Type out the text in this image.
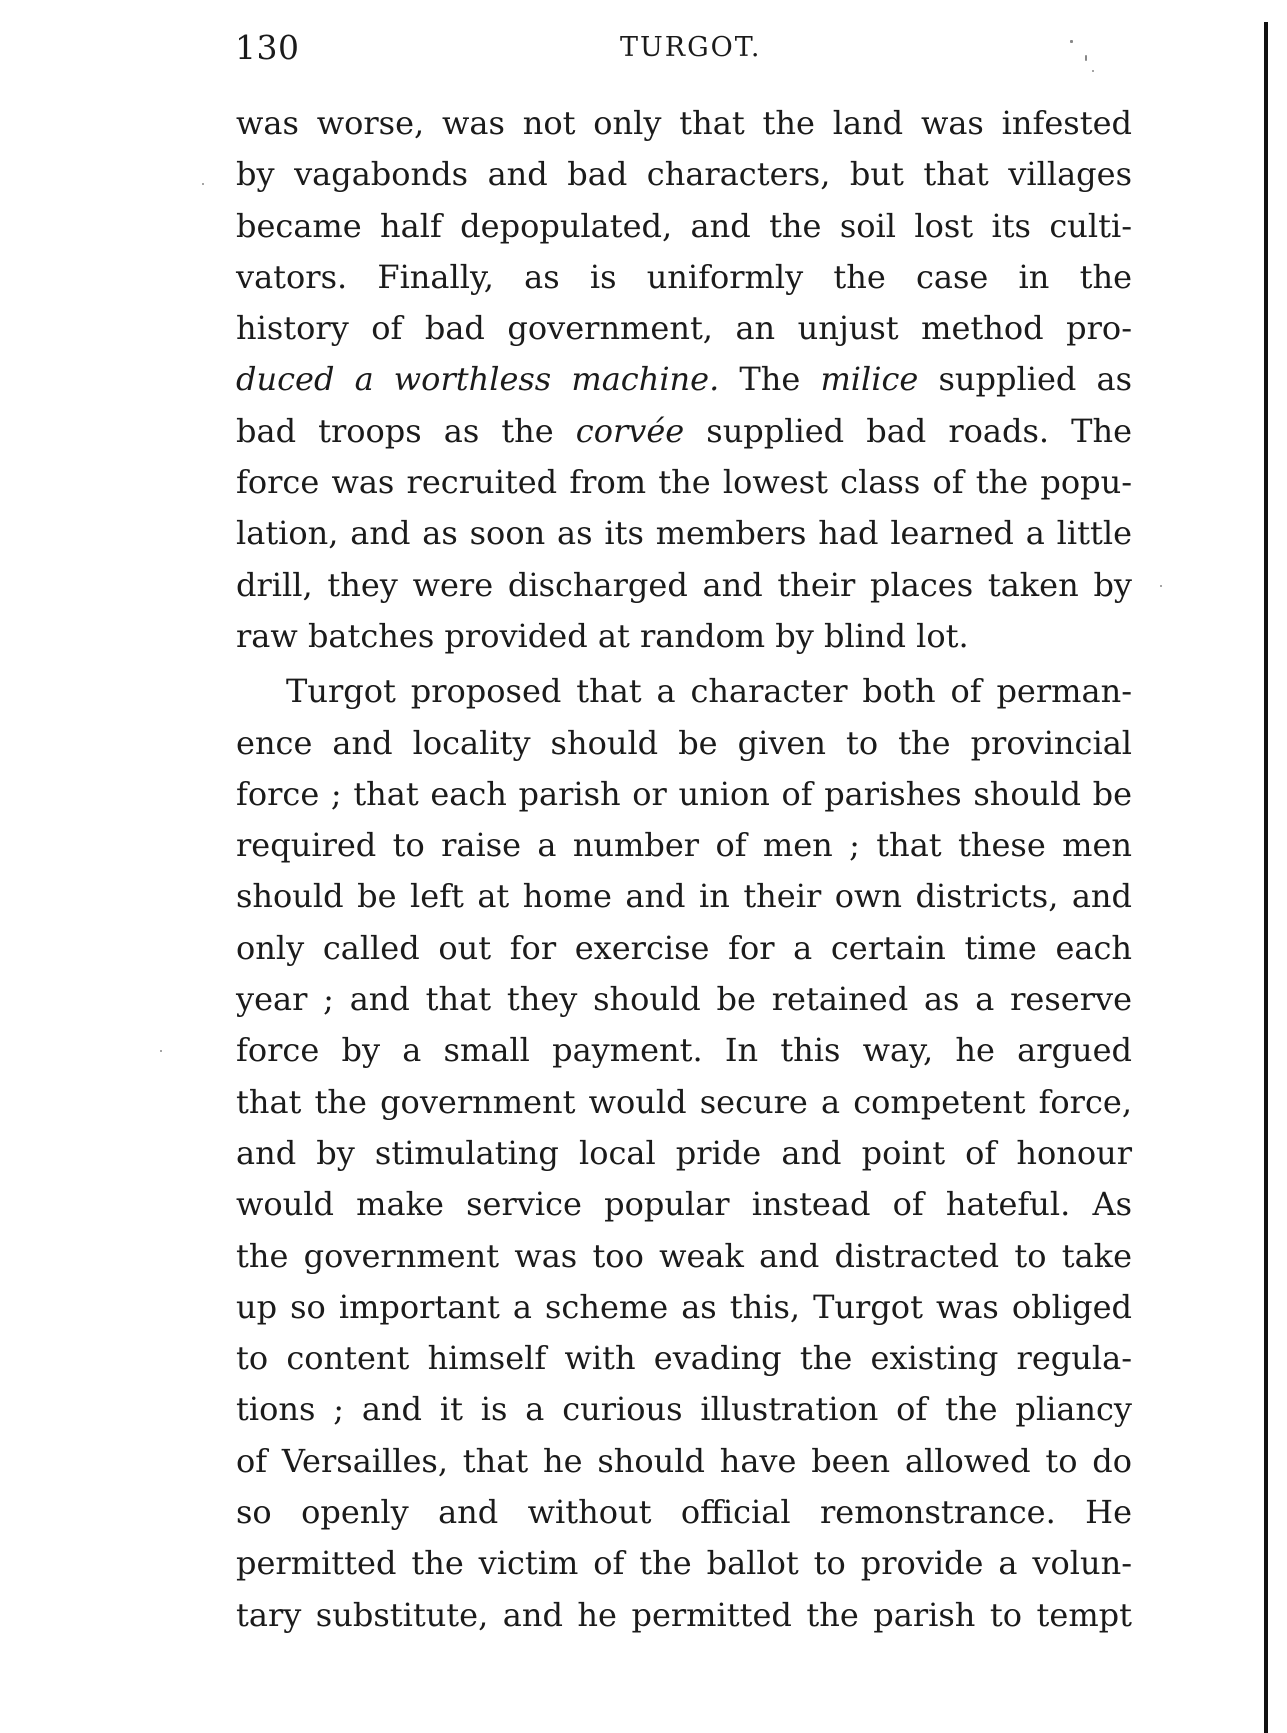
130	TURGOT.
was worse, was not only that the land was infested
by vagabonds and bad characters, but that villages
became half depopulated, and the soil lost its culti-
vators. Finally, as is uniformly the case in the
history of bad government, an unjust method pro-
duced a worthless machine. The milice supplied as
bad troops as the corvée supplied bad roads. The
force was recruited from the lowest class of the popu-
lation, and as soon as its members had learned a little
drill, they were discharged and their places taken by
raw batches provided at random by blind lot.
Turgot proposed that a character both of perman-
ence and locality should be given to the provincial
force ; that each parish or union of parishes should be
required to raise a number of men ; that these men
should be left at home and in their own districts, and
only called out for exercise for a certain time each
year ; and that they should be retained as a reserve
force by a small payment. In this way, he argued
that the government would secure a competent force,
and by stimulating local pride and point of honour
would make service popular instead of hateful. As
the government was too weak and distracted to take
up so important a scheme as this, Turgot was obliged
to content himself with evading the existing regula-
tions ; and it is a curious illustration of the pliancy
of Versailles, that he should have been allowed to do
so openly and without official remonstrance. He
permitted the victim of the ballot to provide a volun-
tary substitute, and he permitted the parish to tempt
